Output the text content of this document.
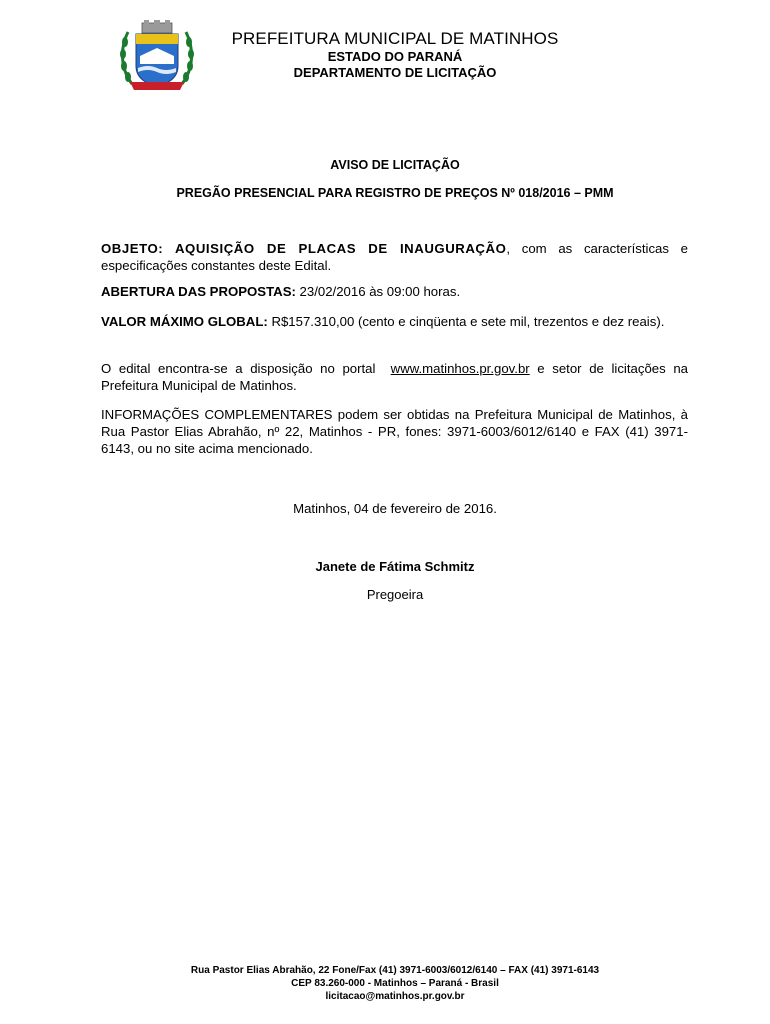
PREFEITURA MUNICIPAL DE MATINHOS
ESTADO DO PARANÁ
DEPARTAMENTO DE LICITAÇÃO
AVISO DE LICITAÇÃO
PREGÃO PRESENCIAL PARA REGISTRO DE PREÇOS Nº 018/2016 – PMM
OBJETO: AQUISIÇÃO DE PLACAS DE INAUGURAÇÃO, com as características e especificações constantes deste Edital.
ABERTURA DAS PROPOSTAS: 23/02/2016 às 09:00 horas.
VALOR MÁXIMO GLOBAL: R$157.310,00 (cento e cinqüenta e sete mil, trezentos e dez reais).
O edital encontra-se a disposição no portal  www.matinhos.pr.gov.br e setor de licitações na Prefeitura Municipal de Matinhos.
INFORMAÇÕES COMPLEMENTARES podem ser obtidas na Prefeitura Municipal de Matinhos, à Rua Pastor Elias Abrahão, nº 22, Matinhos - PR, fones: 3971-6003/6012/6140 e FAX (41) 3971-6143, ou no site acima mencionado.
Matinhos, 04 de fevereiro de 2016.
Janete de Fátima Schmitz
Pregoeira
Rua Pastor Elias Abrahão, 22 Fone/Fax (41) 3971-6003/6012/6140 – FAX (41) 3971-6143
CEP 83.260-000 - Matinhos – Paraná - Brasil
licitacao@matinhos.pr.gov.br
